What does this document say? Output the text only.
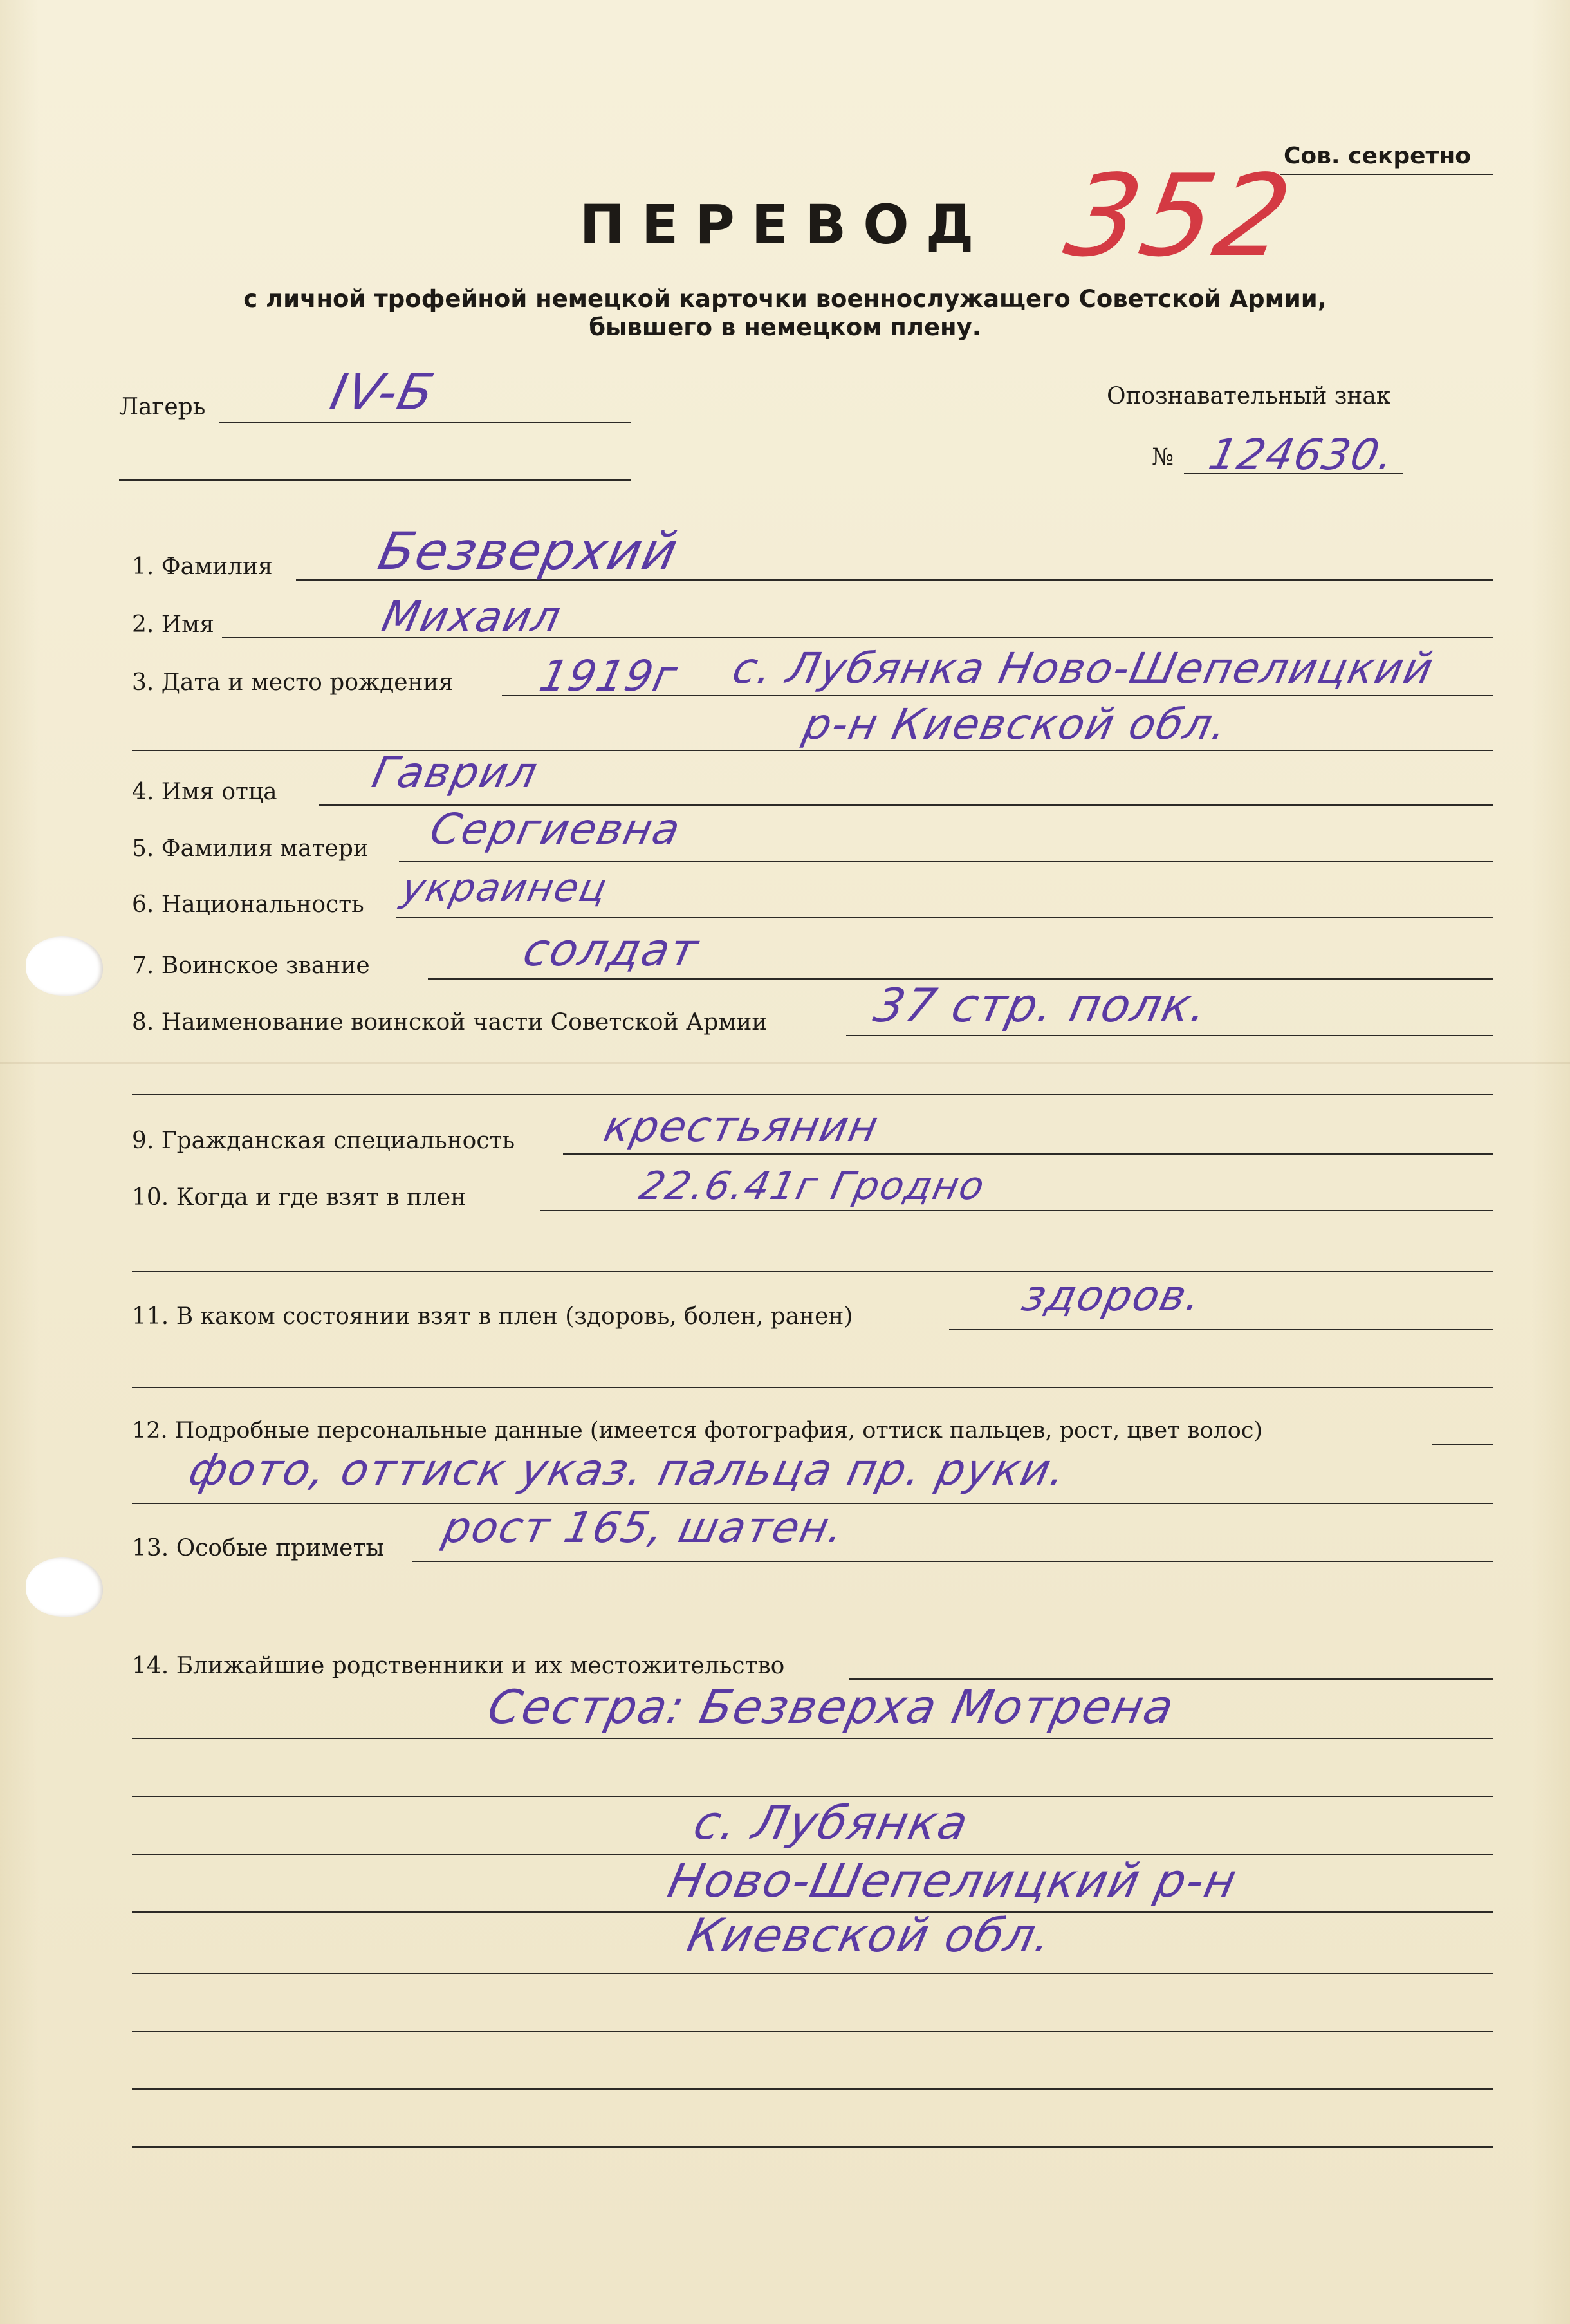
Сов. секретно
352
ПЕРЕВОД
с личной трофейной немецкой карточки военнослужащего Советской Армии,
бывшего в немецком плену.
Лагерь IV-Б	Опознавательный знак
№ 124630.
1. Фамилия Безверхий
2. Имя	Михаил
3. Дата и место рождения 1919г с. Лубянка Ново-Шепелицкий
р-н Киевской обл.
4. Имя отца Гаврил
5. Фамилия матери Сергиевна
6. Национальность украинец
7. Воинское звание	солдат
8. Наименование воинской части Советской Армии 37 стр. полк.
9. Гражданская специальность крестьянин
10. Когда и где взят в плен	22.6.41г Гродно
11. В каком состоянии взят в плен (здоровь, болен, ранен)	здоров.
12. Подробные персональные данные (имеется фотография, оттиск пальцев, рост, цвет волос)
фото, оттиск указ. пальца пр. руки.
13. Особые приметы рост 165, шатен.
14. Ближайшие родственники и их местожительство
Сестра: Безверха Мотрена
с. Лубянка
Ново-Шепелицкий р-н
Киевской обл.
